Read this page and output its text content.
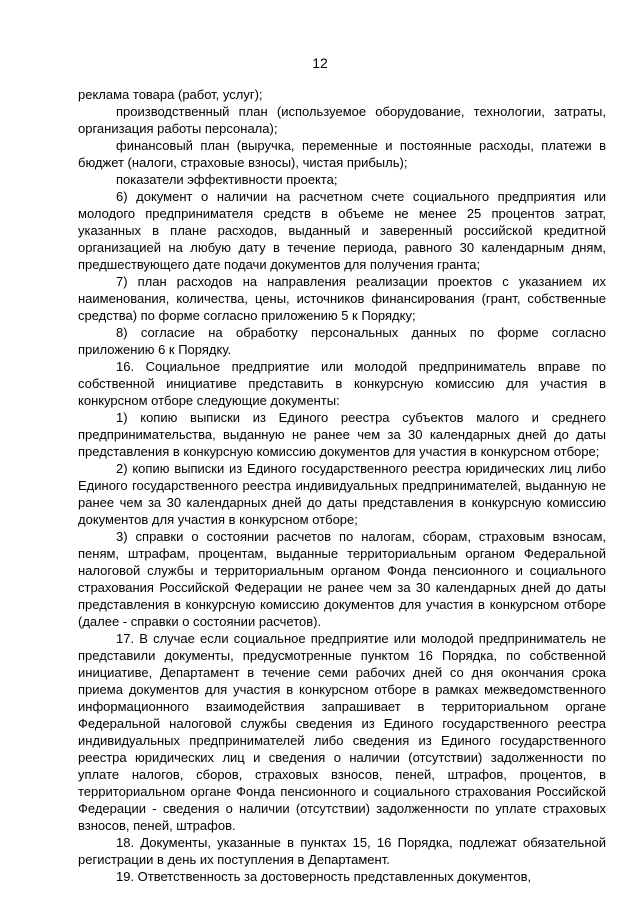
12

реклама товара (работ, услуг);

производственный план (используемое оборудование, технологии, затраты, организация работы персонала);

финансовый план (выручка, переменные и постоянные расходы, платежи в бюджет (налоги, страховые взносы), чистая прибыль);

показатели эффективности проекта;

6) документ о наличии на расчетном счете социального предприятия или молодого предпринимателя средств в объеме не менее 25 процентов затрат, указанных в плане расходов, выданный и заверенный российской кредитной организацией на любую дату в течение периода, равного 30 календарным дням, предшествующего дате подачи документов для получения гранта;

7) план расходов на направления реализации проектов с указанием их наименования, количества, цены, источников финансирования (грант, собственные средства) по форме согласно приложению 5 к Порядку;

8) согласие на обработку персональных данных по форме согласно приложению 6 к Порядку.

16. Социальное предприятие или молодой предприниматель вправе по собственной инициативе представить в конкурсную комиссию для участия в конкурсном отборе следующие документы:

1) копию выписки из Единого реестра субъектов малого и среднего предпринимательства, выданную не ранее чем за 30 календарных дней до даты представления в конкурсную комиссию документов для участия в конкурсном отборе;

2) копию выписки из Единого государственного реестра юридических лиц либо Единого государственного реестра индивидуальных предпринимателей, выданную не ранее чем за 30 календарных дней до даты представления в конкурсную комиссию документов для участия в конкурсном отборе;

3) справки о состоянии расчетов по налогам, сборам, страховым взносам, пеням, штрафам, процентам, выданные территориальным органом Федеральной налоговой службы и территориальным органом Фонда пенсионного и социального страхования Российской Федерации не ранее чем за 30 календарных дней до даты представления в конкурсную комиссию документов для участия в конкурсном отборе (далее - справки о состоянии расчетов).

17. В случае если социальное предприятие или молодой предприниматель не представили документы, предусмотренные пунктом 16 Порядка, по собственной инициативе, Департамент в течение семи рабочих дней со дня окончания срока приема документов для участия в конкурсном отборе в рамках межведомственного информационного взаимодействия запрашивает в территориальном органе Федеральной налоговой службы сведения из Единого государственного реестра индивидуальных предпринимателей либо сведения из Единого государственного реестра юридических лиц и сведения о наличии (отсутствии) задолженности по уплате налогов, сборов, страховых взносов, пеней, штрафов, процентов, в территориальном органе Фонда пенсионного и социального страхования Российской Федерации - сведения о наличии (отсутствии) задолженности по уплате страховых взносов, пеней, штрафов.

18. Документы, указанные в пунктах 15, 16 Порядка, подлежат обязательной регистрации в день их поступления в Департамент.

19. Ответственность за достоверность представленных документов,
